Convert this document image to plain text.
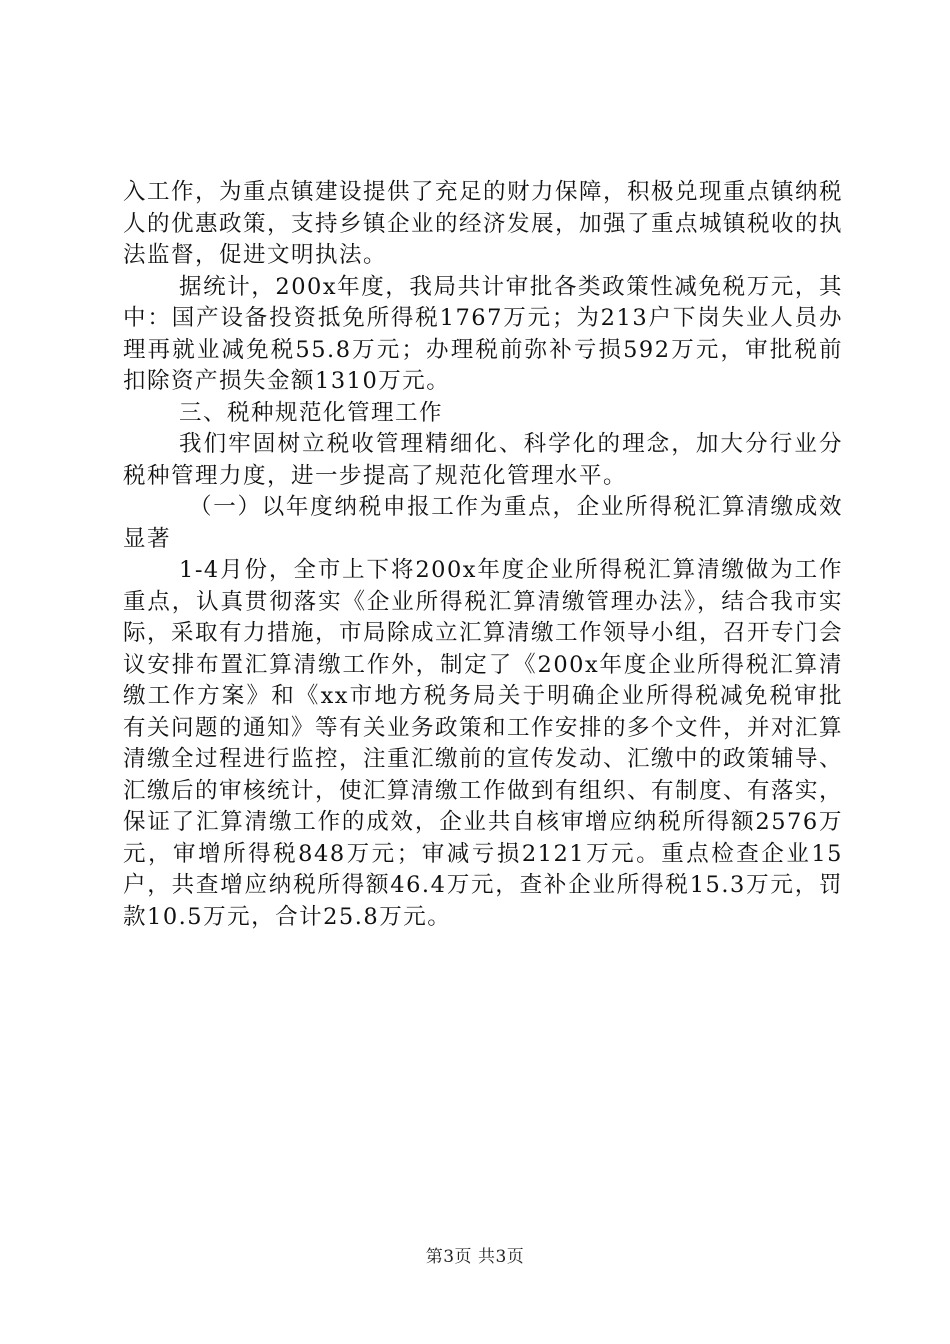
入工作，为重点镇建设提供了充足的财力保障，积极兑现重点镇纳税人的优惠政策，支持乡镇企业的经济发展，加强了重点城镇税收的执法监督，促进文明执法。

据统计，200x年度，我局共计审批各类政策性减免税万元，其中：国产设备投资抵免所得税1767万元；为213户下岗失业人员办理再就业减免税55.8万元；办理税前弥补亏损592万元，审批税前扣除资产损失金额1310万元。

三、税种规范化管理工作

我们牢固树立税收管理精细化、科学化的理念，加大分行业分税种管理力度，进一步提高了规范化管理水平。

（一）以年度纳税申报工作为重点，企业所得税汇算清缴成效显著

1-4月份，全市上下将200x年度企业所得税汇算清缴做为工作重点，认真贯彻落实《企业所得税汇算清缴管理办法》，结合我市实际，采取有力措施，市局除成立汇算清缴工作领导小组，召开专门会议安排布置汇算清缴工作外，制定了《200x年度企业所得税汇算清缴工作方案》和《xx市地方税务局关于明确企业所得税减免税审批有关问题的通知》等有关业务政策和工作安排的多个文件，并对汇算清缴全过程进行监控，注重汇缴前的宣传发动、汇缴中的政策辅导、汇缴后的审核统计，使汇算清缴工作做到有组织、有制度、有落实，保证了汇算清缴工作的成效，企业共自核审增应纳税所得额2576万元，审增所得税848万元；审减亏损2121万元。重点检查企业15户，共查增应纳税所得额46.4万元，查补企业所得税15.3万元，罚款10.5万元，合计25.8万元。

第3页 共3页
